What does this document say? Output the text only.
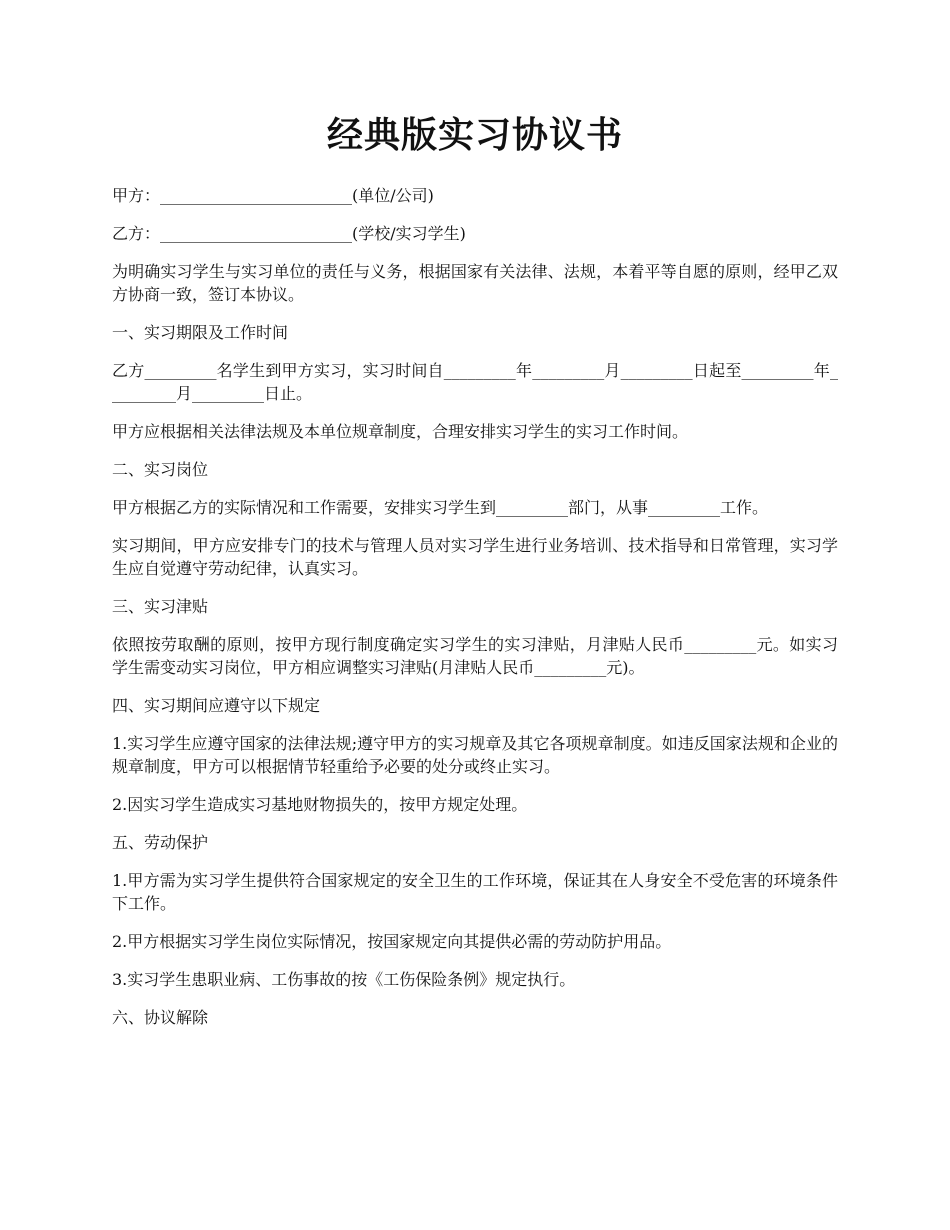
经典版实习协议书

甲方：________________________(单位/公司)

乙方：________________________(学校/实习学生)

为明确实习学生与实习单位的责任与义务，根据国家有关法律、法规，本着平等自愿的原则，经甲乙双方协商一致，签订本协议。

一、实习期限及工作时间

乙方_________名学生到甲方实习，实习时间自_________年_________月_________日起至_________年_________月_________日止。

甲方应根据相关法律法规及本单位规章制度，合理安排实习学生的实习工作时间。

二、实习岗位

甲方根据乙方的实际情况和工作需要，安排实习学生到_________部门，从事_________工作。

实习期间，甲方应安排专门的技术与管理人员对实习学生进行业务培训、技术指导和日常管理，实习学生应自觉遵守劳动纪律，认真实习。

三、实习津贴

依照按劳取酬的原则，按甲方现行制度确定实习学生的实习津贴，月津贴人民币_________元。如实习学生需变动实习岗位，甲方相应调整实习津贴(月津贴人民币_________元)。

四、实习期间应遵守以下规定

1.实习学生应遵守国家的法律法规;遵守甲方的实习规章及其它各项规章制度。如违反国家法规和企业的规章制度，甲方可以根据情节轻重给予必要的处分或终止实习。

2.因实习学生造成实习基地财物损失的，按甲方规定处理。

五、劳动保护

1.甲方需为实习学生提供符合国家规定的安全卫生的工作环境，保证其在人身安全不受危害的环境条件下工作。

2.甲方根据实习学生岗位实际情况，按国家规定向其提供必需的劳动防护用品。

3.实习学生患职业病、工伤事故的按《工伤保险条例》规定执行。

六、协议解除
